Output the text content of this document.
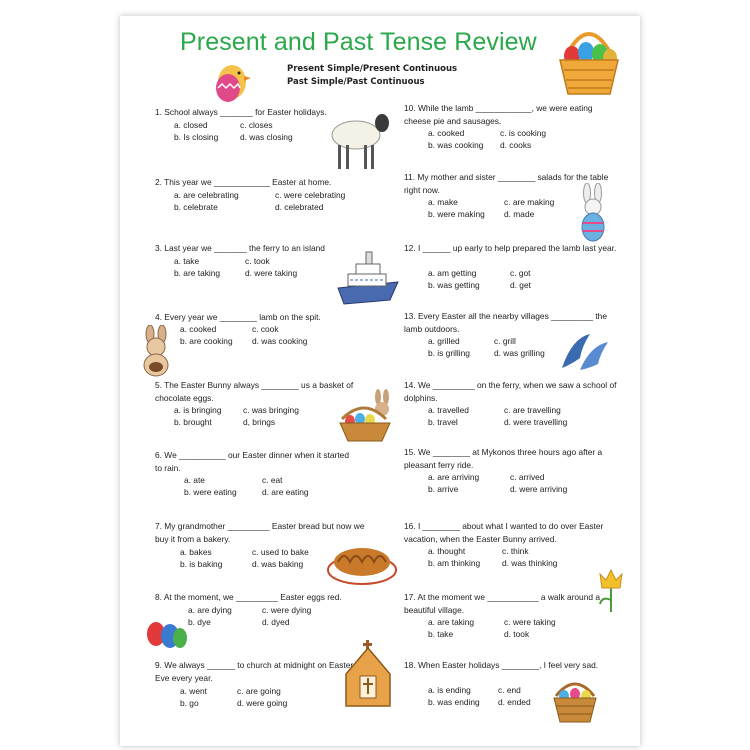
Present and Past Tense Review
Present Simple/Present Continuous
Past Simple/Past Continuous
1. School always _______ for Easter holidays.
a. closed	c. closes
b. Is closing	d. was closing
2. This year we ____________ Easter at home.
a. are celebrating	c. were celebrating
b. celebrate	d. celebrated
3. Last year we _______ the ferry to an island
a. take	c. took
b. are taking	d. were taking
4. Every year we ________ lamb on the spit.
a. cooked	c. cook
b. are cooking d. was cooking
5. The Easter Bunny always ________ us a basket of chocolate eggs.
a. is bringing	c. was bringing
b. brought	d, brings
6. We __________ our Easter dinner when it started to rain.
a. ate	c. eat
b. were eating	d. are eating
7. My grandmother _________ Easter bread but now we buy it from a bakery.
a. bakes	c. used to bake
b. is baking	d. was baking
8. At the moment, we _________ Easter eggs red.
a. are dying	c. were dying
b. dye	d. dyed
9. We always ______ to church at midnight on Easter Eve every year.
a. went	c. are going
b. go	d. were going
10. While the lamb ____________, we were eating cheese pie and sausages.
a. cooked	c. is cooking
b. was cooking d. cooks
11. My mother and sister ________ salads for the table right now.
a. make	c. are making
b. were making d. made
12. I ______ up early to help prepared the lamb last year.
a. am getting	c. got
b. was getting	d. get
13. Every Easter all the nearby villages _________ the lamb outdoors.
a. grilled	c. grill
b. is grilling	d. was grilling
14. We _________ on the ferry, when we saw a school of dolphins.
a. travelled	c. are travelling
b. travel	d. were travelling
15. We ________ at Mykonos three hours ago after a pleasant ferry ride.
a. are arriving	c. arrived
b. arrive	d. were arriving
16. I ________ about what I wanted to do over Easter vacation, when the Easter Bunny arrived.
a. thought	c. think
b. am thinking	d. was thinking
17. At the moment we ___________ a walk around a beautiful village.
a. are taking	c. were taking
b. take	d. took
18. When Easter holidays ________, I feel very sad.
a. is ending	c. end
b. was ending d. ended
